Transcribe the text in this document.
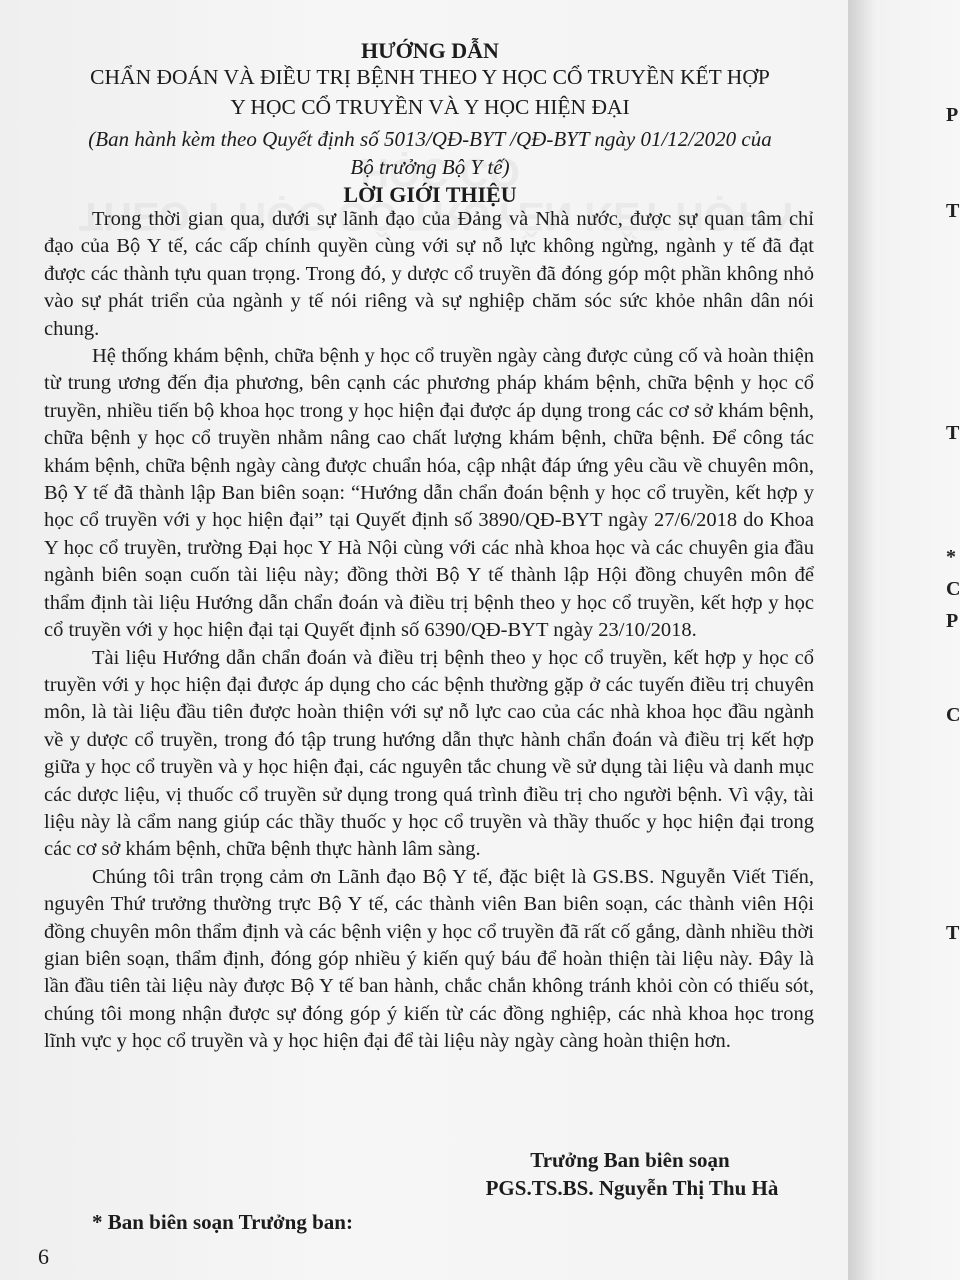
HƯỚNG DẪN
CHẨN ĐOÁN VÀ ĐIỀU TRỊ BỆNH THEO Y HỌC CỔ TRUYỀN KẾT HỢP
Y HỌC CỔ TRUYỀN VÀ Y HỌC HIỆN ĐẠI
(Ban hành kèm theo Quyết định số 5013/QĐ-BYT /QĐ-BYT ngày 01/12/2020 của
Bộ trưởng Bộ Y tế)
LỜI GIỚI THIỆU

Trong thời gian qua, dưới sự lãnh đạo của Đảng và Nhà nước, được sự quan tâm chỉ đạo của Bộ Y tế, các cấp chính quyền cùng với sự nỗ lực không ngừng, ngành y tế đã đạt được các thành tựu quan trọng. Trong đó, y dược cổ truyền đã đóng góp một phần không nhỏ vào sự phát triển của ngành y tế nói riêng và sự nghiệp chăm sóc sức khỏe nhân dân nói chung.

Hệ thống khám bệnh, chữa bệnh y học cổ truyền ngày càng được củng cố và hoàn thiện từ trung ương đến địa phương, bên cạnh các phương pháp khám bệnh, chữa bệnh y học cổ truyền, nhiều tiến bộ khoa học trong y học hiện đại được áp dụng trong các cơ sở khám bệnh, chữa bệnh y học cổ truyền nhằm nâng cao chất lượng khám bệnh, chữa bệnh. Để công tác khám bệnh, chữa bệnh ngày càng được chuẩn hóa, cập nhật đáp ứng yêu cầu về chuyên môn, Bộ Y tế đã thành lập Ban biên soạn: “Hướng dẫn chẩn đoán bệnh y học cổ truyền, kết hợp y học cổ truyền với y học hiện đại” tại Quyết định số 3890/QĐ-BYT ngày 27/6/2018 do Khoa Y học cổ truyền, trường Đại học Y Hà Nội cùng với các nhà khoa học và các chuyên gia đầu ngành biên soạn cuốn tài liệu này; đồng thời Bộ Y tế thành lập Hội đồng chuyên môn để thẩm định tài liệu Hướng dẫn chẩn đoán và điều trị bệnh theo y học cổ truyền, kết hợp y học cổ truyền với y học hiện đại tại Quyết định số 6390/QĐ-BYT ngày 23/10/2018.

Tài liệu Hướng dẫn chẩn đoán và điều trị bệnh theo y học cổ truyền, kết hợp y học cổ truyền với y học hiện đại được áp dụng cho các bệnh thường gặp ở các tuyến điều trị chuyên môn, là tài liệu đầu tiên được hoàn thiện với sự nỗ lực cao của các nhà khoa học đầu ngành về y dược cổ truyền, trong đó tập trung hướng dẫn thực hành chẩn đoán và điều trị kết hợp giữa y học cổ truyền và y học hiện đại, các nguyên tắc chung về sử dụng tài liệu và danh mục các dược liệu, vị thuốc cổ truyền sử dụng trong quá trình điều trị cho người bệnh. Vì vậy, tài liệu này là cẩm nang giúp các thầy thuốc y học cổ truyền và thầy thuốc y học hiện đại trong các cơ sở khám bệnh, chữa bệnh thực hành lâm sàng.

Chúng tôi trân trọng cảm ơn Lãnh đạo Bộ Y tế, đặc biệt là GS.BS. Nguyễn Viết Tiến, nguyên Thứ trưởng thường trực Bộ Y tế, các thành viên Ban biên soạn, các thành viên Hội đồng chuyên môn thẩm định và các bệnh viện y học cổ truyền đã rất cố gắng, dành nhiều thời gian biên soạn, thẩm định, đóng góp nhiều ý kiến quý báu để hoàn thiện tài liệu này. Đây là lần đầu tiên tài liệu này được Bộ Y tế ban hành, chắc chắn không tránh khỏi còn có thiếu sót, chúng tôi mong nhận được sự đóng góp ý kiến từ các đồng nghiệp, các nhà khoa học trong lĩnh vực y học cổ truyền và y học hiện đại để tài liệu này ngày càng hoàn thiện hơn.

Trưởng Ban biên soạn
PGS.TS.BS. Nguyễn Thị Thu Hà
* Ban biên soạn Trưởng ban:
6
P
T
T
*
C
P
C
T
